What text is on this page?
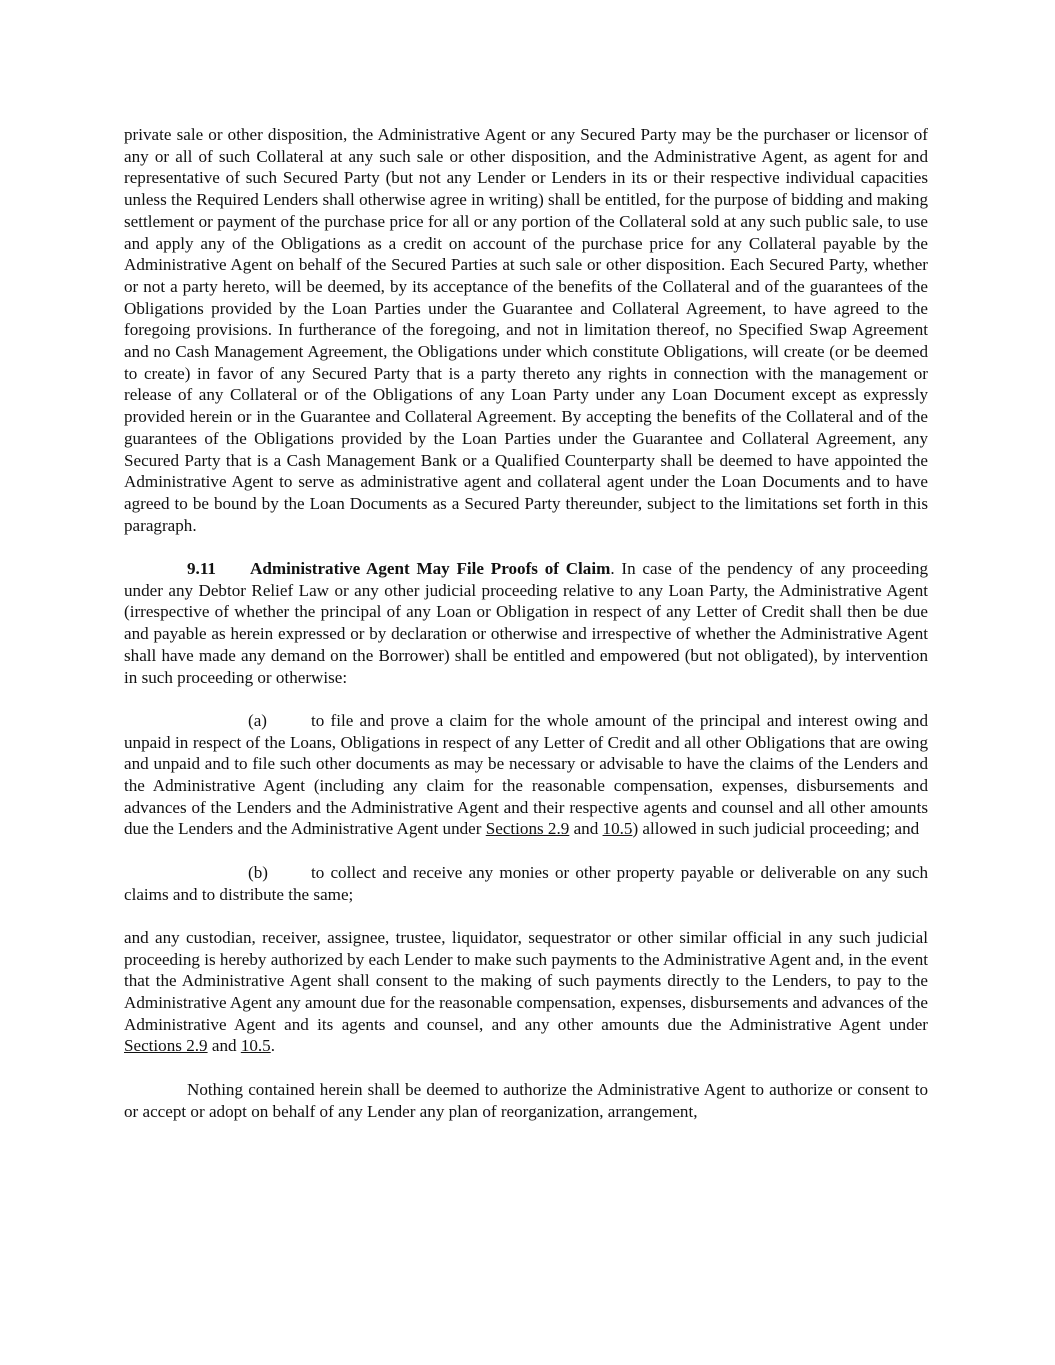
private sale or other disposition, the Administrative Agent or any Secured Party may be the purchaser or licensor of any or all of such Collateral at any such sale or other disposition, and the Administrative Agent, as agent for and representative of such Secured Party (but not any Lender or Lenders in its or their respective individual capacities unless the Required Lenders shall otherwise agree in writing) shall be entitled, for the purpose of bidding and making settlement or payment of the purchase price for all or any portion of the Collateral sold at any such public sale, to use and apply any of the Obligations as a credit on account of the purchase price for any Collateral payable by the Administrative Agent on behalf of the Secured Parties at such sale or other disposition. Each Secured Party, whether or not a party hereto, will be deemed, by its acceptance of the benefits of the Collateral and of the guarantees of the Obligations provided by the Loan Parties under the Guarantee and Collateral Agreement, to have agreed to the foregoing provisions. In furtherance of the foregoing, and not in limitation thereof, no Specified Swap Agreement and no Cash Management Agreement, the Obligations under which constitute Obligations, will create (or be deemed to create) in favor of any Secured Party that is a party thereto any rights in connection with the management or release of any Collateral or of the Obligations of any Loan Party under any Loan Document except as expressly provided herein or in the Guarantee and Collateral Agreement. By accepting the benefits of the Collateral and of the guarantees of the Obligations provided by the Loan Parties under the Guarantee and Collateral Agreement, any Secured Party that is a Cash Management Bank or a Qualified Counterparty shall be deemed to have appointed the Administrative Agent to serve as administrative agent and collateral agent under the Loan Documents and to have agreed to be bound by the Loan Documents as a Secured Party thereunder, subject to the limitations set forth in this paragraph.

9.11 Administrative Agent May File Proofs of Claim. In case of the pendency of any proceeding under any Debtor Relief Law or any other judicial proceeding relative to any Loan Party, the Administrative Agent (irrespective of whether the principal of any Loan or Obligation in respect of any Letter of Credit shall then be due and payable as herein expressed or by declaration or otherwise and irrespective of whether the Administrative Agent shall have made any demand on the Borrower) shall be entitled and empowered (but not obligated), by intervention in such proceeding or otherwise:

(a)	to file and prove a claim for the whole amount of the principal and interest owing and unpaid in respect of the Loans, Obligations in respect of any Letter of Credit and all other Obligations that are owing and unpaid and to file such other documents as may be necessary or advisable to have the claims of the Lenders and the Administrative Agent (including any claim for the reasonable compensation, expenses, disbursements and advances of the Lenders and the Administrative Agent and their respective agents and counsel and all other amounts due the Lenders and the Administrative Agent under Sections 2.9 and 10.5) allowed in such judicial proceeding; and

(b)	to collect and receive any monies or other property payable or deliverable on any such claims and to distribute the same;

and any custodian, receiver, assignee, trustee, liquidator, sequestrator or other similar official in any such judicial proceeding is hereby authorized by each Lender to make such payments to the Administrative Agent and, in the event that the Administrative Agent shall consent to the making of such payments directly to the Lenders, to pay to the Administrative Agent any amount due for the reasonable compensation, expenses, disbursements and advances of the Administrative Agent and its agents and counsel, and any other amounts due the Administrative Agent under Sections 2.9 and 10.5.

Nothing contained herein shall be deemed to authorize the Administrative Agent to authorize or consent to or accept or adopt on behalf of any Lender any plan of reorganization, arrangement,
